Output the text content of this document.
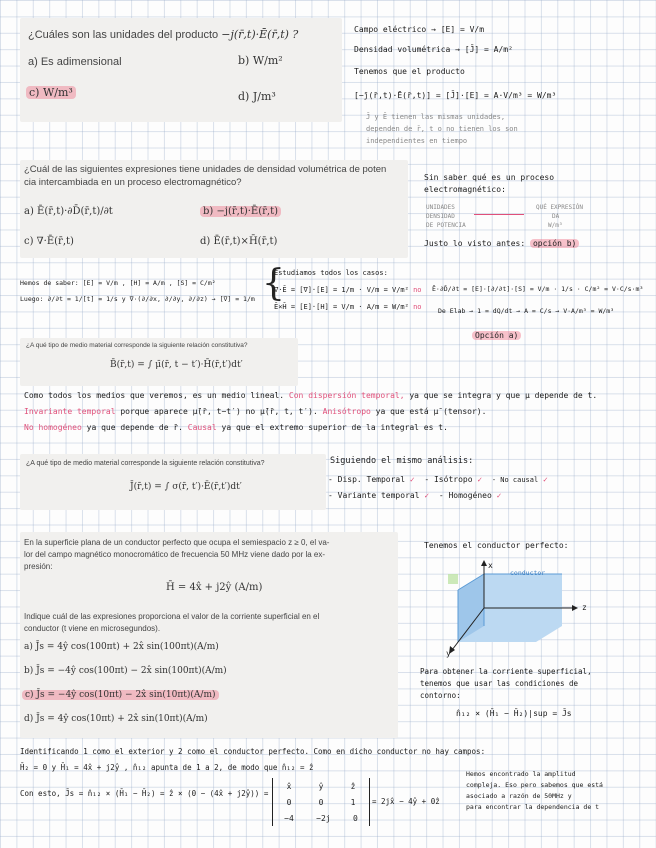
¿Cuáles son las unidades del producto −j(r̄,t)·Ē(r̄,t) ?
a) Es adimensional	b) W/m²
c) W/m³	d) J/m³
Campo eléctrico → [E] = V/m
Densidad volumétrica → [J̄] = A/m²
Tenemos que el producto
[−j̄(r̄,t)·Ē(r̄,t)] = [J̄]·[E] = A·V/m³ = W/m³
J̄ y Ē tienen las mismas unidades,
dependen de r̄, t o no tienen los son
independientes en tiempo
¿Cuál de las siguientes expresiones tiene unidades de densidad volumétrica de poten
cia intercambiada en un proceso electromagnético?
a) Ē(r̄,t)·∂D̄(r̄,t)/∂t	b) −j(r̄,t)·Ē(r̄,t)
c) ∇·Ē(r̄,t)	d) Ē(r̄,t)×H̄(r̄,t)
Sin saber qué es un proceso
electromagnético:
UNIDADES
DENSIDAD
DE POTENCIA
QUÉ EXPRESIÓN
DA
W/m³
Justo lo visto antes: opción b)
Hemos de saber: [E] = V/m , [H] = A/m , [S] = C/m²
Luego: ∂/∂t = 1/[t] = 1/s y ∇·(∂/∂x, ∂/∂y, ∂/∂z) → [∇] = 1/m {
Estudiamos todos los casos:
∇·Ē = [∇]·[E] = 1/m · V/m = V/m² no
Ē×H̄ = [E]·[H] = V/m · A/m = W/m² no
Ē·∂D̄/∂t = [E]·[∂/∂t]·[S] = V/m · 1/s · C/m² = V·C/s·m³
De Elab → 1 = dQ/dt → A = C/s → V·A/m³ = W/m³
Opción a)
¿A qué tipo de medio material corresponde la siguiente relación constitutiva?
B̄(r̄,t) = ∫ μ̄(r̄, t − t′)·H̄(r̄,t′)dt′
Como todos los medios que veremos, es un medio lineal. Con dispersión temporal, ya que se integra y que μ depende de t.
Invariante temporal porque aparece μ̄(r̄, t−t′) no μ̄(r̄, t, t′). Anisótropo ya que está μ̄ (tensor).
No homogéneo ya que depende de r̄. Causal ya que el extremo superior de la integral es t.
¿A qué tipo de medio material corresponde la siguiente relación constitutiva?
J̄(r̄,t) = ∫ σ(r̄, t′)·Ē(r̄,t′)dt′
Siguiendo el mismo análisis:
- Disp. Temporal ✓ - Isótropo ✓ - No causal ✓
- Variante temporal ✓ - Homogéneo ✓
En la superficie plana de un conductor perfecto que ocupa el semiespacio z ≥ 0, el va-
lor del campo magnético monocromático de frecuencia 50 MHz viene dado por la ex-
presión:
H̄ = 4x̂ + j2ŷ (A/m)
Indique cuál de las expresiones proporciona el valor de la corriente superficial en el
conductor (t viene en microsegundos).
a) J̄s = 4ŷ cos(100πt) + 2x̂ sin(100πt)(A/m)
b) J̄s = −4ŷ cos(100πt) − 2x̂ sin(100πt)(A/m)
c) J̄s = −4ŷ cos(10πt) − 2x̂ sin(10πt)(A/m)
d) J̄s = 4ŷ cos(10πt) + 2x̂ sin(10πt)(A/m)
Tenemos el conductor perfecto:
x
z
y
conductor
Para obtener la corriente superficial,
tenemos que usar las condiciones de
contorno:
n̂₁₂ × (H̄₁ − H̄₂)|sup = J̄s
Identificando 1 como el exterior y 2 como el conductor perfecto. Como en dicho conductor no hay campos:
H̄₂ = 0 y H̄₁ = 4x̂ + j2ŷ , n̂₁₂ apunta de 1 a 2, de modo que n̂₁₂ = ẑ
Con esto, J̄s = n̂₁₂ × (H̄₁ − H̄₂) = ẑ × (0 − (4x̂ + j2ŷ)) =
x̂	ŷ	ẑ
0	0	1
−4	−2j	0
= 2jx̂ − 4ŷ + 0ẑ
Hemos encontrado la amplitud
compleja. Eso pero sabemos que está
asociado a razón de 50MHz y
para encontrar la dependencia de t
